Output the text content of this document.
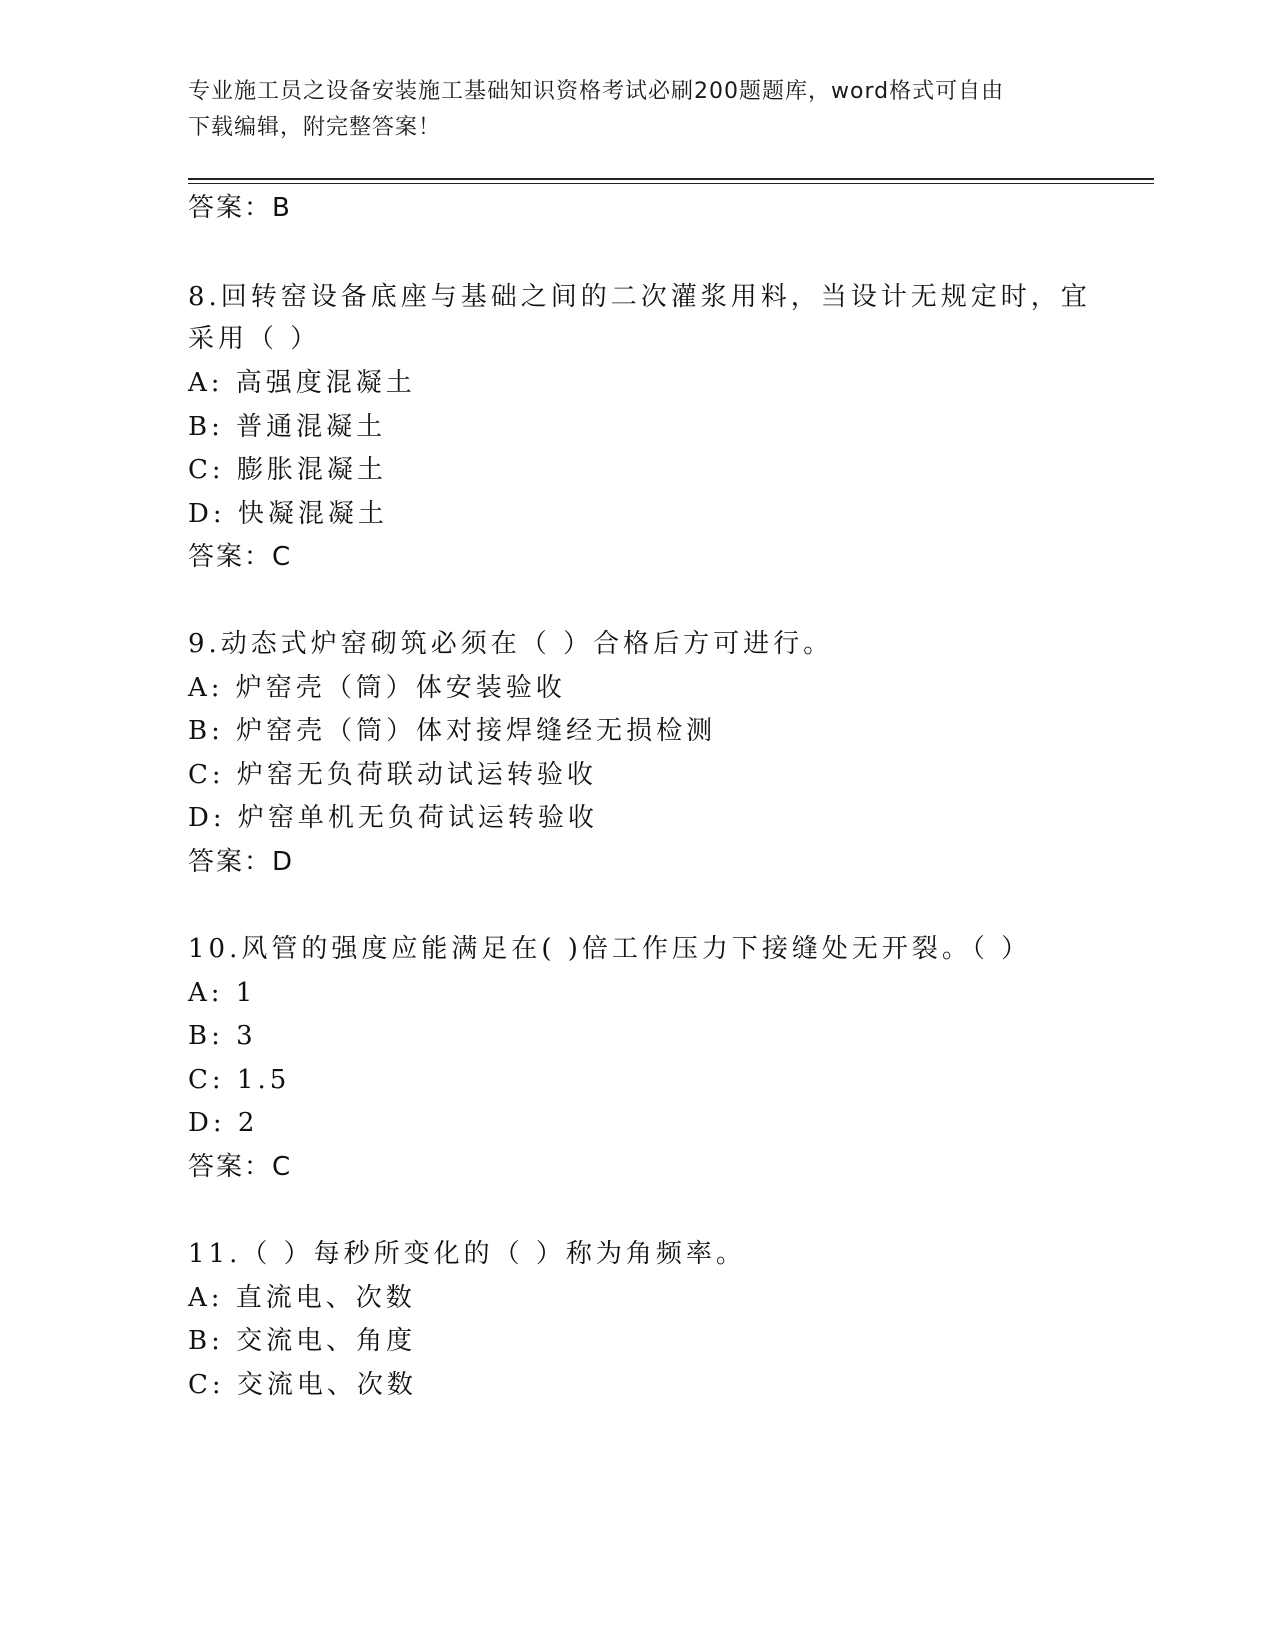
专业施工员之设备安装施工基础知识资格考试必刷200题题库，word格式可自由
下载编辑，附完整答案！
答案：B
8.回转窑设备底座与基础之间的二次灌浆用料，当设计无规定时，宜
采用（ ）
A: 高强度混凝土
B: 普通混凝土
C: 膨胀混凝土
D: 快凝混凝土
答案：C
9.动态式炉窑砌筑必须在（ ）合格后方可进行。
A: 炉窑壳（筒）体安装验收
B: 炉窑壳（筒）体对接焊缝经无损检测
C: 炉窑无负荷联动试运转验收
D: 炉窑单机无负荷试运转验收
答案：D
10.风管的强度应能满足在( )倍工作压力下接缝处无开裂。（ ）
A: 1
B: 3
C: 1.5
D: 2
答案：C
11.（ ）每秒所变化的（ ）称为角频率。
A: 直流电、次数
B: 交流电、角度
C: 交流电、次数
